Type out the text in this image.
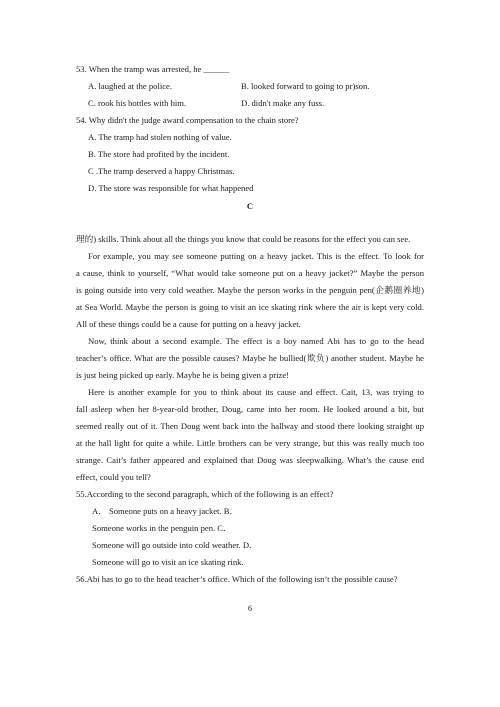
53. When the tramp was arrested, he ______
A. laughed at the police.	B. looked forward to going to pr)son.
C. rook his bottles with him.	D. didn't make any fuss.
54. Why didn't the judge award compensation to the chain store?
A. The tramp had stolen nothing of value.
B. The store had profited by the incident.
C .The tramp deserved a happy Christmas.
D. The store was responsible for what happened
C
理的) skills. Think about all the things you know that could be reasons for the effect you can see.
For example, you may see someone putting on a heavy jacket. This is the effect. To look for
a cause, think to yourself, “What would take someone put on a heavy jacket?” Maybe the person
is going outside into very cold weather. Maybe the person works in the penguin pen(企鹅圈养地)
at Sea World. Maybe the person is going to visit an ice skating rink where the air is kept very cold.
All of these things could be a cause for putting on a heavy jacket.
Now, think about a second example. The effect is a boy named Abi has to go to the head
teacher’s office. What are the possible causes? Maybe he bullied(欺负) another student. Maybe he
is just being picked up early. Maybe he is being given a prize!
Here is another example for you to think about its cause and effect. Cait, 13, was trying to
fall asleep when her 8-year-old brother, Doug, came into her room. He looked around a bit, but
seemed really out of it. Then Doug went back into the hallway and stood there looking straight up
at the hall light for quite a while. Little brothers can be very strange, but this was really much too
strange. Cait’s father appeared and explained that Doug was sleepwalking. What’s the cause end
effect, could you tell?
55.According to the second paragraph, which of the following is an effect?
A． Someone puts on a heavy jacket. B．
Someone works in the penguin pen. C．
Someone will go outside into cold weather. D．
Someone will go to visit an ice skating rink.
56.Abi has to go to the head teacher’s office. Which of the following isn’t the possible cause?
6
